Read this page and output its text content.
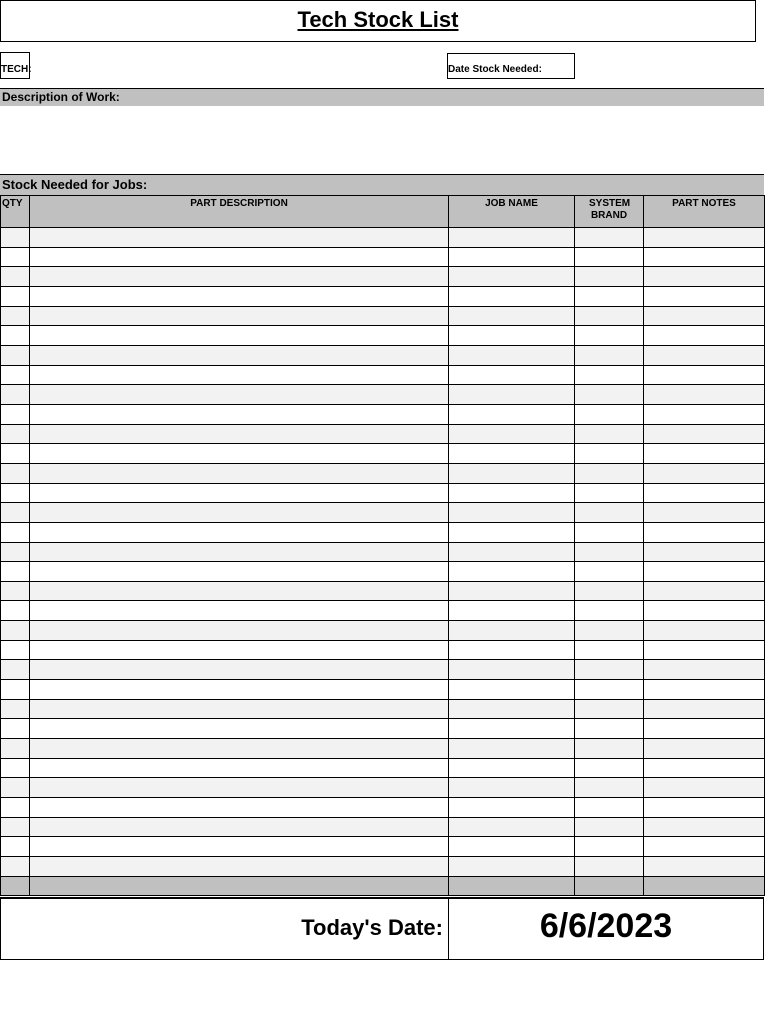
Tech Stock List
TECH:	Date Stock Needed:
Description of Work:
Stock Needed for Jobs:
QTY	PART DESCRIPTION	JOB NAME	SYSTEM BRAND	PART NOTES

Today's Date:	6/6/2023
